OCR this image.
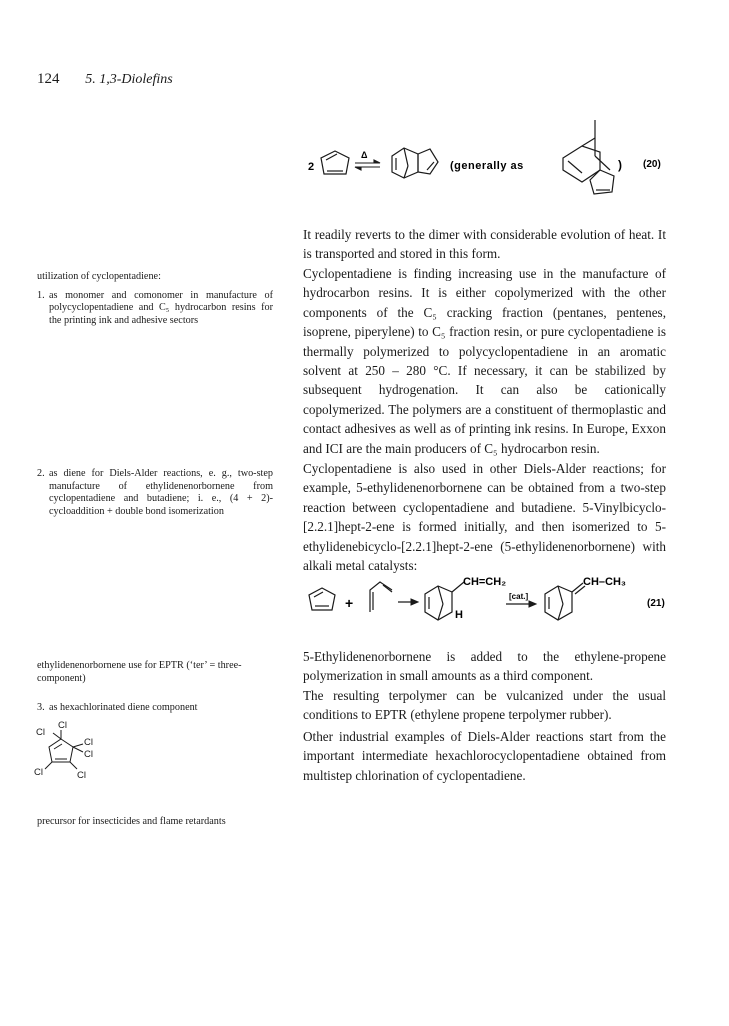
124 5. 1,3-Diolefins
2
Δ
(generally as	) (20)

It readily reverts to the dimer with considerable evolution of heat. It is transported and stored in this form.

Cyclopentadiene is finding increasing use in the manufacture of hydrocarbon resins. It is either copolymerized with the other components of the C₅ cracking fraction (pentanes, pentenes, isoprene, piperylene) to C₅ fraction resin, or pure cyclopentadiene is thermally polymerized to polycyclopentadiene in an aromatic solvent at 250 – 280 °C. If necessary, it can be stabilized by subsequent hydrogenation. It can also be cationically copolymerized. The polymers are a constituent of thermoplastic and contact adhesives as well as of printing ink resins. In Europe, Exxon and ICI are the main producers of C₅ hydrocarbon resin.

Cyclopentadiene is also used in other Diels-Alder reactions; for example, 5-ethylidenenorbornene can be obtained from a two-step reaction between cyclopentadiene and butadiene. 5-Vinylbicyclo-[2.2.1]hept-2-ene is formed initially, and then isomerized to 5-ethylidenebicyclo-[2.2.1]hept-2-ene (5-ethylidenenorbornene) with alkali metal catalysts:

+
CH=CH₂
H
[cat.]
CH–CH₃
(21)

5-Ethylidenenorbornene is added to the ethylene-propene polymerization in small amounts as a third component.

The resulting terpolymer can be vulcanized under the usual conditions to EPTR (ethylene propene terpolymer rubber).

Other industrial examples of Diels-Alder reactions start from the important intermediate hexachlorocyclopentadiene obtained from multistep chlorination of cyclopentadiene.

utilization of cyclopentadiene:

1. as monomer and comonomer in manufacture of polycyclopentadiene and C₅ hydrocarbon resins for the printing ink and adhesive sectors
2. as diene for Diels-Alder reactions, e. g., two-step manufacture of ethylidenenorbornene from cyclopentadiene and butadiene; i. e., (4 + 2)-cycloaddition + double bond isomerization

ethylidenenorbornene use for EPTR (‘ter’ = three-component)

3. as hexachlorinated diene component
Cl
Cl
Cl
Cl
Cl
Cl

precursor for insecticides and flame retardants
